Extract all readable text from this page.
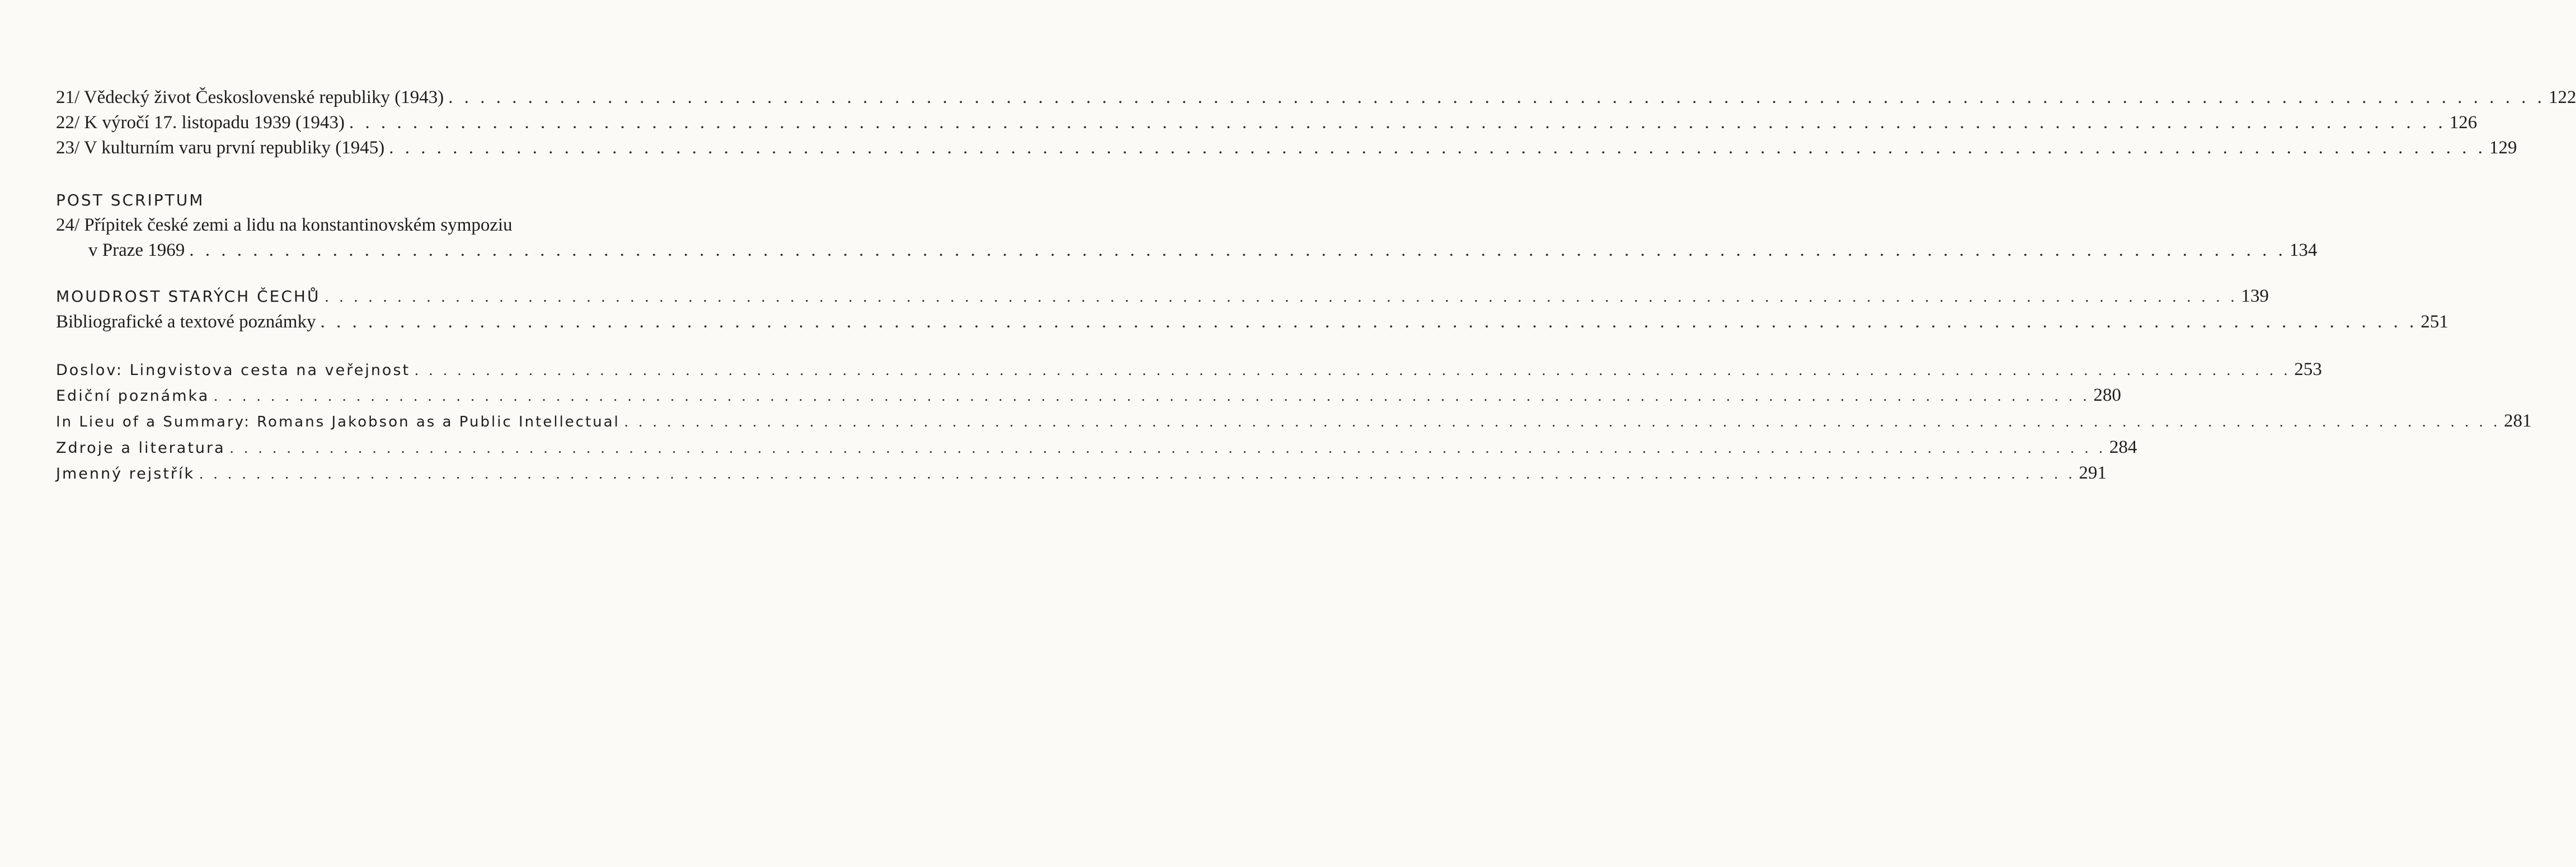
21/ Vědecký život Československé republiky (1943) . . . . . . . . . . . . . . . . . . . . . . . . . . . . . . . . . . . . . . . . . . . . . . . . . . . . . . . . . . . . . . . . . . . . . . . . . . . . . . . . . . . . . . . . . . . . . . . . . . . . . . . . . . . . . . . . . . . . . . . . . . . . . . . . . . . . 122
22/ K výročí 17. listopadu 1939 (1943) . . . . . . . . . . . . . . . . . . . . . . . . . . . . . . . . . . . . . . . . . . . . . . . . . . . . . . . . . . . . . . . . . . . . . . . . . . . . . . . . . . . . . . . . . . . . . . . . . . . . . . . . . . . . . . . . . . . . . . . . . . . . . . . . . . . . 126
23/ V kulturním varu první republiky (1945) . . . . . . . . . . . . . . . . . . . . . . . . . . . . . . . . . . . . . . . . . . . . . . . . . . . . . . . . . . . . . . . . . . . . . . . . . . . . . . . . . . . . . . . . . . . . . . . . . . . . . . . . . . . . . . . . . . . . . . . . . . . . . . . . . . . . 129
POST SCRIPTUM
24/ Přípitek české zemi a lidu na konstantinovském sympoziu
v Praze 1969 . . . . . . . . . . . . . . . . . . . . . . . . . . . . . . . . . . . . . . . . . . . . . . . . . . . . . . . . . . . . . . . . . . . . . . . . . . . . . . . . . . . . . . . . . . . . . . . . . . . . . . . . . . . . . . . . . . . . . . . . . . . . . . . . . . . . 134
MOUDROST STARÝCH ČECHŮ . . . . . . . . . . . . . . . . . . . . . . . . . . . . . . . . . . . . . . . . . . . . . . . . . . . . . . . . . . . . . . . . . . . . . . . . . . . . . . . . . . . . . . . . . . . . . . . . . . . . . . . . . . . . . . . . . . . . . . . . . . . . . . . . . . . . 139
Bibliografické a textové poznámky . . . . . . . . . . . . . . . . . . . . . . . . . . . . . . . . . . . . . . . . . . . . . . . . . . . . . . . . . . . . . . . . . . . . . . . . . . . . . . . . . . . . . . . . . . . . . . . . . . . . . . . . . . . . . . . . . . . . . . . . . . . . . . . . . . . . 251
Doslov: Lingvistova cesta na veřejnost . . . . . . . . . . . . . . . . . . . . . . . . . . . . . . . . . . . . . . . . . . . . . . . . . . . . . . . . . . . . . . . . . . . . . . . . . . . . . . . . . . . . . . . . . . . . . . . . . . . . . . . . . . . . . . . . . . . . . . . . . . . . . . . . . . . . 253
Ediční poznámka . . . . . . . . . . . . . . . . . . . . . . . . . . . . . . . . . . . . . . . . . . . . . . . . . . . . . . . . . . . . . . . . . . . . . . . . . . . . . . . . . . . . . . . . . . . . . . . . . . . . . . . . . . . . . . . . . . . . . . . . . . . . . . . . . . . . 280
In Lieu of a Summary: Romans Jakobson as a Public Intellectual . . . . . . . . . . . . . . . . . . . . . . . . . . . . . . . . . . . . . . . . . . . . . . . . . . . . . . . . . . . . . . . . . . . . . . . . . . . . . . . . . . . . . . . . . . . . . . . . . . . . . . . . . . . . . . . . . . . . . . . . . . . . . . . . . . . . 281
Zdroje a literatura . . . . . . . . . . . . . . . . . . . . . . . . . . . . . . . . . . . . . . . . . . . . . . . . . . . . . . . . . . . . . . . . . . . . . . . . . . . . . . . . . . . . . . . . . . . . . . . . . . . . . . . . . . . . . . . . . . . . . . . . . . . . . . . . . . . . 284
Jmenný rejstřík . . . . . . . . . . . . . . . . . . . . . . . . . . . . . . . . . . . . . . . . . . . . . . . . . . . . . . . . . . . . . . . . . . . . . . . . . . . . . . . . . . . . . . . . . . . . . . . . . . . . . . . . . . . . . . . . . . . . . . . . . . . . . . . . . . . . 291
